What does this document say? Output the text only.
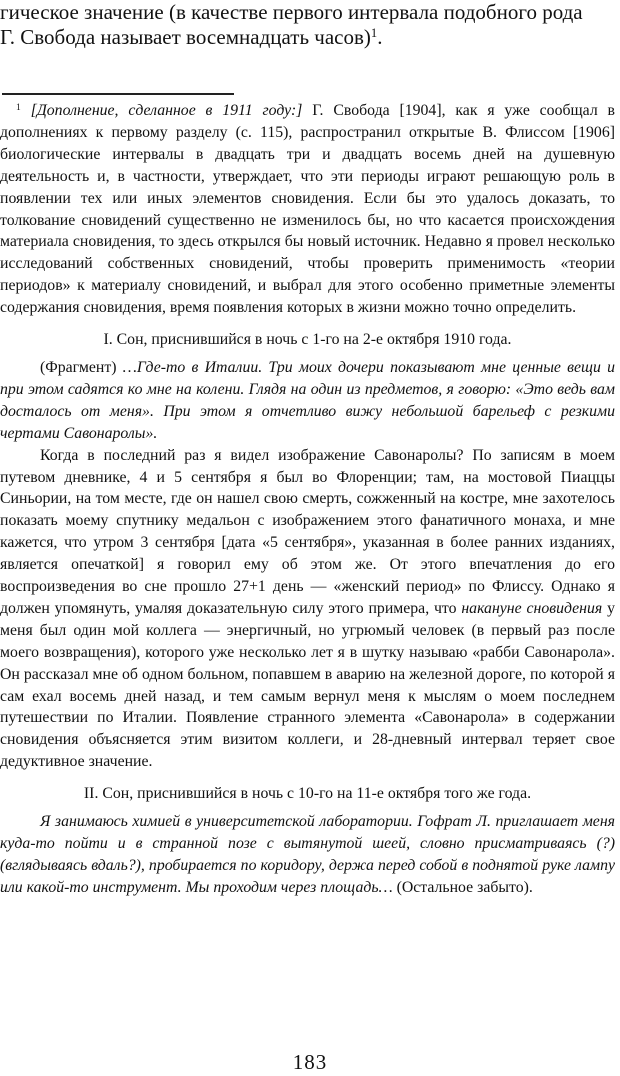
гическое значение (в качестве первого интервала подобного рода
Г. Свобода называет восемнадцать часов)$^1$.

$^1$ [Дополнение, сделанное в 1911 году:] Г. Свобода [1904], как я уже сообщал в дополнениях к первому разделу (с. 115), распространил открытые В. Флиссом [1906] биологические интервалы в двадцать три и двадцать восемь дней на душевную деятельность и, в частности, утверждает, что эти периоды играют решающую роль в появлении тех или иных элементов сновидения. Если бы это удалось доказать, то толкование сновидений существенно не изменилось бы, но что касается происхождения материала сновидения, то здесь открылся бы новый источник. Недавно я провел несколько исследований собственных сновидений, чтобы проверить применимость «теории периодов» к материалу сновидений, и выбрал для этого особенно приметные элементы содержания сновидения, время появления которых в жизни можно точно определить.

I. Сон, приснившийся в ночь с 1-го на 2-е октября 1910 года.

(Фрагмент) …Где-то в Италии. Три моих дочери показывают мне ценные вещи и при этом садятся ко мне на колени. Глядя на один из предметов, я говорю: «Это ведь вам досталось от меня». При этом я отчетливо вижу небольшой барельеф с резкими чертами Савонаролы».

Когда в последний раз я видел изображение Савонаролы? По записям в моем путевом дневнике, 4 и 5 сентября я был во Флоренции; там, на мостовой Пиаццы Синьории, на том месте, где он нашел свою смерть, сожженный на костре, мне захотелось показать моему спутнику медальон с изображением этого фанатичного монаха, и мне кажется, что утром 3 сентября [дата «5 сентября», указанная в более ранних изданиях, является опечаткой] я говорил ему об этом же. От этого впечатления до его воспроизведения во сне прошло 27+1 день — «женский период» по Флиссу. Однако я должен упомянуть, умаляя доказательную силу этого примера, что накануне сновидения у меня был один мой коллега — энергичный, но угрюмый человек (в первый раз после моего возвращения), которого уже несколько лет я в шутку называю «рабби Савонарола». Он рассказал мне об одном больном, попавшем в аварию на железной дороге, по которой я сам ехал восемь дней назад, и тем самым вернул меня к мыслям о моем последнем путешествии по Италии. Появление странного элемента «Савонарола» в содержании сновидения объясняется этим визитом коллеги, и 28-дневный интервал теряет свое дедуктивное значение.

II. Сон, приснившийся в ночь с 10-го на 11-е октября того же года.

Я занимаюсь химией в университетской лаборатории. Гофрат Л. приглашает меня куда-то пойти и в странной позе с вытянутой шеей, словно присматриваясь (?) (вглядываясь вдаль?), пробирается по коридору, держа перед собой в поднятой руке лампу или какой-то инструмент. Мы проходим через площадь… (Остальное забыто).

183
